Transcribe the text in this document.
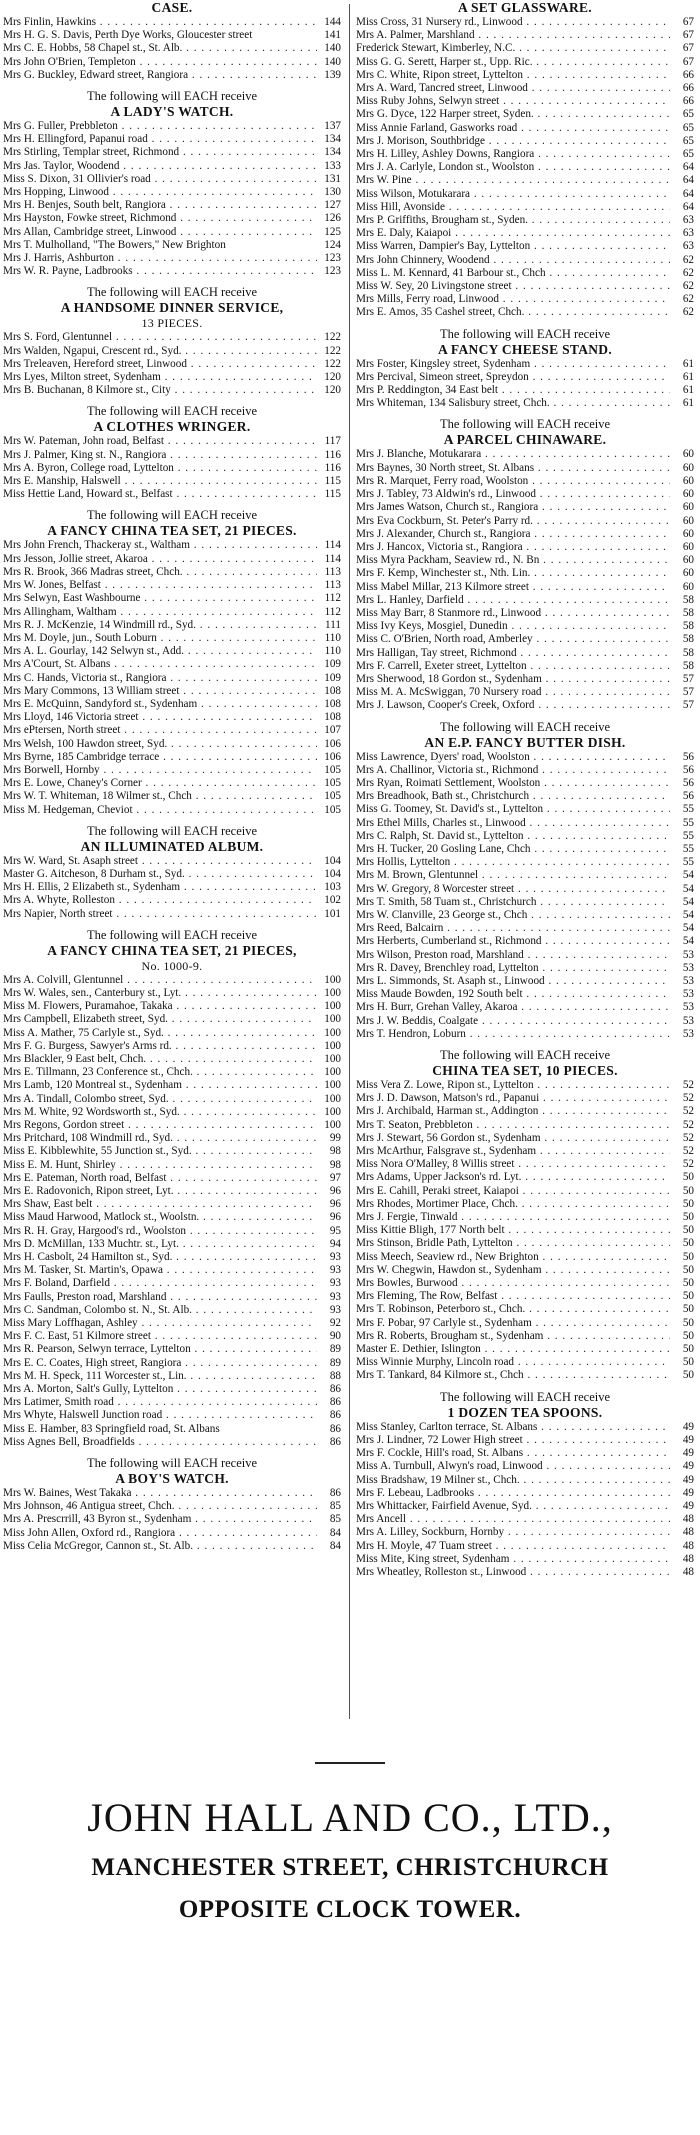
CASE.
Mrs Finlin, Hawkins . . .	144
Mrs H. G. S. Davis, Perth Dye Works, Gloucester street	141
Mrs C. E. Hobbs, 58 Chapel st., St. Alb. . . .	140
Mrs John O'Brien, Templeton . . .	140
Mrs G. Buckley, Edward street, Rangiora . . .	139
The following will EACH receive
A LADY'S WATCH.
Mrs G. Fuller, Prebbleton . . .	137
Mrs H. Ellingford, Papanui road . . .	134
Mrs Stirling, Templar street, Richmond . . .	134
Mrs Jas. Taylor, Woodend . . .	133
Miss S. Dixon, 31 Ollivier's road . . .	131
Mrs Hopping, Linwood . . .	130
Mrs H. Benjes, South belt, Rangiora . . .	127
Mrs Hayston, Fowke street, Richmond . . .	126
Mrs Allan, Cambridge street, Linwood . . .	125
Mrs T. Mulholland, "The Bowers," New Brighton	124
Mrs J. Harris, Ashburton . . .	123
Mrs W. R. Payne, Ladbrooks . . .	123
The following will EACH receive
A HANDSOME DINNER SERVICE,
13 PIECES.
Mrs S. Ford, Glentunnel . . .	122
Mrs Walden, Ngapui, Crescent rd., Syd. . . .	122
Mrs Treleaven, Hereford street, Linwood . . .	122
Mrs Lyes, Milton street, Sydenham . . .	120
Mrs B. Buchanan, 8 Kilmore st., City . . .	120
The following will EACH receive
A CLOTHES WRINGER.
Mrs W. Pateman, John road, Belfast . . .	117
Mrs J. Palmer, King st. N., Rangiora . . .	116
Mrs A. Byron, College road, Lyttelton . . .	116
Mrs E. Manship, Halswell . . .	115
Miss Hettie Land, Howard st., Belfast . . .	115
The following will EACH receive
A FANCY CHINA TEA SET, 21 PIECES.
Mrs John French, Thackeray st., Waltham . . .	114
Mrs Jesson, Jollie street, Akaroa . . .	114
Mrs R. Brook, 366 Madras street, Chch. . . .	113
Mrs W. Jones, Belfast . . .	113
Mrs Selwyn, East Washbourne . . .	112
Mrs Allingham, Waltham . . .	112
Mrs R. J. McKenzie, 14 Windmill rd., Syd. . . .	111
Mrs M. Doyle, jun., South Loburn . . .	110
Mrs A. L. Gourlay, 142 Selwyn st., Add. . . .	110
Mrs A'Court, St. Albans . . .	109
Mrs C. Hands, Victoria st., Rangiora . . .	109
Mrs Mary Commons, 13 William street . . .	108
Mrs E. McQuinn, Sandyford st., Sydenham . . .	108
Mrs Lloyd, 146 Victoria street . . .	108
Mrs ePtersen, North street . . .	107
Mrs Welsh, 100 Hawdon street, Syd. . . .	106
Mrs Byrne, 185 Cambridge terrace . . .	106
Mrs Borwell, Hornby . . .	105
Mrs E. Lowe, Chaney's Corner . . .	105
Mrs W. T. Whiteman, 18 Wilmer st., Chch . . .	105
Miss M. Hedgeman, Cheviot . . .	105
The following will EACH receive
AN ILLUMINATED ALBUM.
Mrs W. Ward, St. Asaph street . . .	104
Master G. Aitcheson, 8 Durham st., Syd. . . .	104
Mrs H. Ellis, 2 Elizabeth st., Sydenham . . .	103
Mrs A. Whyte, Rolleston . . .	102
Mrs Napier, North street . . .	101
The following will EACH receive
A FANCY CHINA TEA SET, 21 PIECES,
No. 1000-9.
Mrs A. Colvill, Glentunnel . . .	100
Mrs W. Wales, sen., Canterbury st., Lyt. . . .	100
Miss M. Flowers, Puramahoe, Takaka . . .	100
Mrs Campbell, Elizabeth street, Syd. . . .	100
Miss A. Mather, 75 Carlyle st., Syd. . . .	100
Mrs F. G. Burgess, Sawyer's Arms rd. . . .	100
Mrs Blackler, 9 East belt, Chch. . . .	100
Mrs E. Tillmann, 23 Conference st., Chch. . . .	100
Mrs Lamb, 120 Montreal st., Sydenham . . .	100
Mrs A. Tindall, Colombo street, Syd. . . .	100
Mrs M. White, 92 Wordsworth st., Syd. . . .	100
Mrs Regons, Gordon street . . .	100
Mrs Pritchard, 108 Windmill rd., Syd. . . .	99
Miss E. Kibblewhite, 55 Junction st., Syd. . . .	98
Miss E. M. Hunt, Shirley . . .	98
Mrs E. Pateman, North road, Belfast . . .	97
Mrs E. Radovonich, Ripon street, Lyt. . . .	96
Mrs Shaw, East belt . . .	96
Miss Maud Harwood, Matlock st., Woolstn. . . .	96
Mrs R. H. Gray, Hargood's rd., Woolston . . .	95
Mrs D. McMillan, 133 Muchtr. st., Lyt. . . .	94
Mrs H. Casbolt, 24 Hamilton st., Syd. . . .	93
Mrs M. Tasker, St. Martin's, Opawa . . .	93
Mrs F. Boland, Darfield . . .	93
Mrs Faulls, Preston road, Marshland . . .	93
Mrs C. Sandman, Colombo st. N., St. Alb. . . .	93
Miss Mary Loffhagan, Ashley . . .	92
Mrs F. C. East, 51 Kilmore street . . .	90
Mrs R. Pearson, Selwyn terrace, Lyttelton . . .	89
Mrs E. C. Coates, High street, Rangiora . . .	89
Mrs M. H. Speck, 111 Worcester st., Lin. . . .	88
Mrs A. Morton, Salt's Gully, Lyttelton . . .	86
Mrs Latimer, Smith road . . .	86
Mrs Whyte, Halswell Junction road . . .	86
Miss E. Hamber, 83 Springfield road, St. Albans	86
Miss Agnes Bell, Broadfields . . .	86
The following will EACH receive
A BOY'S WATCH.
Mrs W. Baines, West Takaka . . .	86
Mrs Johnson, 46 Antigua street, Chch. . . .	85
Mrs A. Prescrrill, 43 Byron st., Sydenham . . .	85
Miss John Allen, Oxford rd., Rangiora . . .	84
Miss Celia McGregor, Cannon st., St. Alb. . . .	84
A SET GLASSWARE.
Miss Cross, 31 Nursery rd., Linwood . . .	67
Mrs A. Palmer, Marshland . . .	67
Frederick Stewart, Kimberley, N.C. . . .	67
Miss G. G. Serett, Harper st., Upp. Ric. . . .	67
Mrs C. White, Ripon street, Lyttelton . . .	66
Mrs A. Ward, Tancred street, Linwood . . .	66
Miss Ruby Johns, Selwyn street . . .	66
Mrs G. Dyce, 122 Harper street, Syden. . . .	65
Miss Annie Farland, Gasworks road . . .	65
Mrs J. Morison, Southbridge . . .	65
Mrs H. Lilley, Ashley Downs, Rangiora . . .	65
Mrs J. A. Carlyle, London st., Woolston . . .	64
Mrs W. Pine . . .	64
Miss Wilson, Motukarara . . .	64
Miss Hill, Avonside . . .	64
Mrs P. Griffiths, Brougham st., Syden. . . .	63
Mrs E. Daly, Kaiapoi . . .	63
Miss Warren, Dampier's Bay, Lyttelton . . .	63
Mrs John Chinnery, Woodend . . .	62
Miss L. M. Kennard, 41 Barbour st., Chch . . .	62
Miss W. Sey, 20 Livingstone street . . .	62
Mrs Mills, Ferry road, Linwood . . .	62
Mrs E. Amos, 35 Cashel street, Chch. . . .	62
The following will EACH receive
A FANCY CHEESE STAND.
Mrs Foster, Kingsley street, Sydenham . . .	61
Mrs Percival, Simeon street, Spreydon . . .	61
Mrs P. Reddington, 34 East belt . . .	61
Mrs Whiteman, 134 Salisbury street, Chch. . . .	61
The following will EACH receive
A PARCEL CHINAWARE.
Mrs J. Blanche, Motukarara . . .	60
Mrs Baynes, 30 North street, St. Albans . . .	60
Mrs R. Marquet, Ferry road, Woolston . . .	60
Mrs J. Tabley, 73 Aldwin's rd., Linwood . . .	60
Mrs James Watson, Church st., Rangiora . . .	60
Mrs Eva Cockburn, St. Peter's Parry rd. . . .	60
Mrs J. Alexander, Church st., Rangiora . . .	60
Mrs J. Hancox, Victoria st., Rangiora . . .	60
Miss Myra Packham, Seaview rd., N. Bn . . .	60
Mrs F. Kemp, Winchester st., Nth. Lin. . . .	60
Miss Mabel Millar, 213 Kilmore street . . .	60
Mrs L. Hanley, Darfield . . .	58
Miss May Barr, 8 Stanmore rd., Linwood . . .	58
Miss Ivy Keys, Mosgiel, Dunedin . . .	58
Miss C. O'Brien, North road, Amberley . . .	58
Mrs Halligan, Tay street, Richmond . . .	58
Mrs F. Carrell, Exeter street, Lyttelton . . .	58
Mrs Sherwood, 18 Gordon st., Sydenham . . .	57
Miss M. A. McSwiggan, 70 Nursery road . . .	57
Mrs J. Lawson, Cooper's Creek, Oxford . . .	57
The following will EACH receive
AN E.P. FANCY BUTTER DISH.
Miss Lawrence, Dyers' road, Woolston . . .	56
Mrs A. Challinor, Victoria st., Richmond . . .	56
Mrs Ryan, Roimati Settlement, Woolston . . .	56
Mrs Breadhook, Bath st., Christchurch . . .	56
Miss G. Toomey, St. David's st., Lyttelton . . .	55
Mrs Ethel Mills, Charles st., Linwood . . .	55
Mrs C. Ralph, St. David st., Lyttelton . . .	55
Mrs H. Tucker, 20 Gosling Lane, Chch . . .	55
Mrs Hollis, Lyttelton . . .	55
Mrs M. Brown, Glentunnel . . .	54
Mrs W. Gregory, 8 Worcester street . . .	54
Mrs T. Smith, 58 Tuam st., Christchurch . . .	54
Mrs W. Clanville, 23 George st., Chch . . .	54
Mrs Reed, Balcairn . . .	54
Mrs Herberts, Cumberland st., Richmond . . .	54
Mrs Wilson, Preston road, Marshland . . .	53
Mrs R. Davey, Brenchley road, Lyttelton . . .	53
Mrs L. Simmonds, St. Asaph st., Linwood . . .	53
Miss Maude Bowden, 192 South belt . . .	53
Mrs H. Burr, Grehan Valley, Akaroa . . .	53
Mrs J. W. Beddis, Coalgate . . .	53
Mrs T. Hendron, Loburn . . .	53
The following will EACH receive
CHINA TEA SET, 10 PIECES.
Miss Vera Z. Lowe, Ripon st., Lyttelton . . .	52
Mrs J. D. Dawson, Matson's rd., Papanui . . .	52
Mrs J. Archibald, Harman st., Addington . . .	52
Mrs T. Seaton, Prebbleton . . .	52
Mrs J. Stewart, 56 Gordon st., Sydenham . . .	52
Mrs McArthur, Falsgrave st., Sydenham . . .	52
Miss Nora O'Malley, 8 Willis street . . .	52
Mrs Adams, Upper Jackson's rd. Lyt. . . .	50
Mrs E. Cahill, Peraki street, Kaiapoi . . .	50
Mrs Rhodes, Mortimer Place, Chch. . . .	50
Mrs J. Fergie, Tinwald . . .	50
Miss Kittie Bligh, 177 North belt . . .	50
Mrs Stinson, Bridle Path, Lyttelton . . .	50
Miss Meech, Seaview rd., New Brighton . . .	50
Mrs W. Chegwin, Hawdon st., Sydenham . . .	50
Mrs Bowles, Burwood . . .	50
Mrs Fleming, The Row, Belfast . . .	50
Mrs T. Robinson, Peterboro st., Chch. . . .	50
Mrs F. Pobar, 97 Carlyle st., Sydenham . . .	50
Mrs R. Roberts, Brougham st., Sydenham . . .	50
Master E. Dethier, Islington . . .	50
Miss Winnie Murphy, Lincoln road . . .	50
Mrs T. Tankard, 84 Kilmore st., Chch . . .	50
The following will EACH receive
1 DOZEN TEA SPOONS.
Miss Stanley, Carlton terrace, St. Albans . . .	49
Mrs J. Lindner, 72 Lower High street . . .	49
Mrs F. Cockle, Hill's road, St. Albans . . .	49
Miss A. Turnbull, Alwyn's road, Linwood . . .	49
Miss Bradshaw, 19 Milner st., Chch. . . .	49
Mrs F. Lebeau, Ladbrooks . . .	49
Mrs Whittacker, Fairfield Avenue, Syd. . . .	49
Mrs Ancell . . .	48
Mrs A. Lilley, Sockburn, Hornby . . .	48
Mrs H. Moyle, 47 Tuam street . . .	48
Miss Mite, King street, Sydenham . . .	48
Mrs Wheatley, Rolleston st., Linwood . . .	48
JOHN HALL AND CO., LTD.,
MANCHESTER STREET, CHRISTCHURCH
OPPOSITE CLOCK TOWER.
